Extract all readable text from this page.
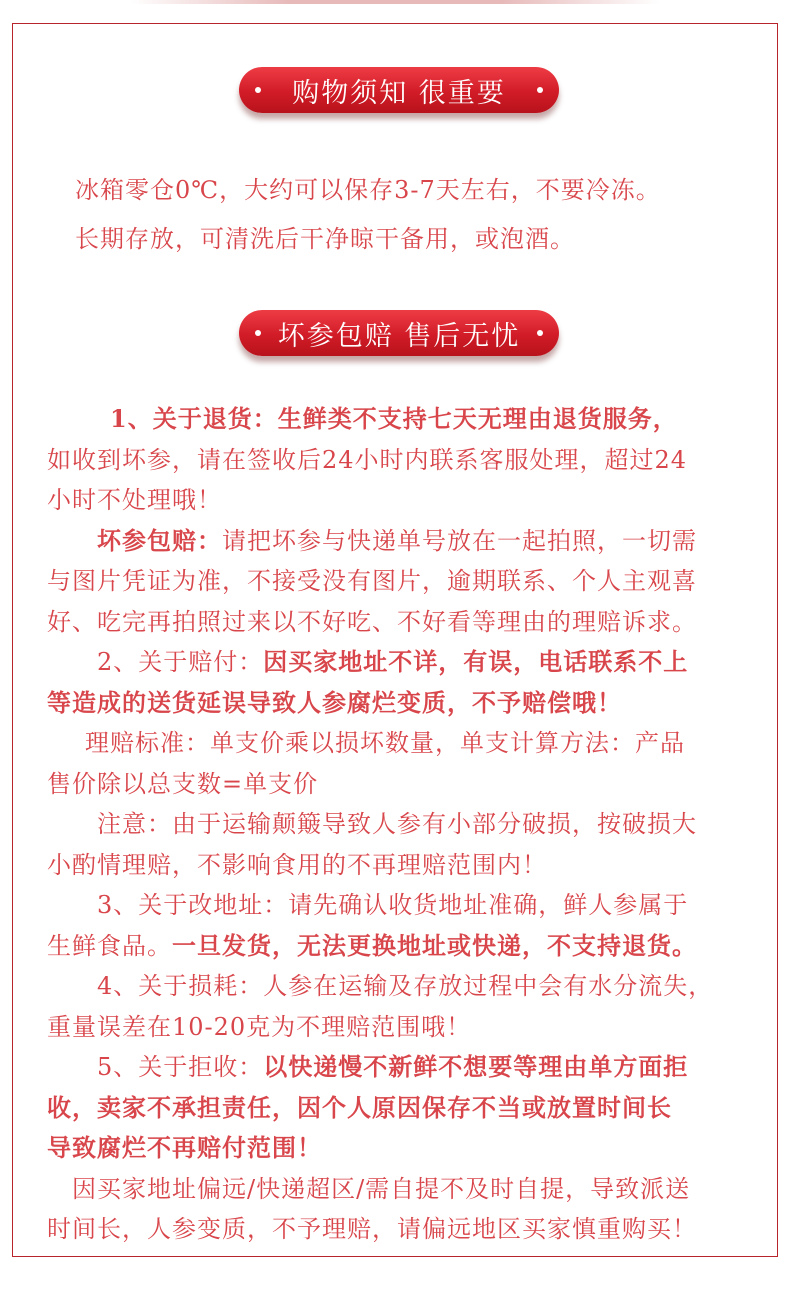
购物须知 很重要
冰箱零仓0℃，大约可以保存3-7天左右，不要冷冻。
长期存放，可清洗后干净晾干备用，或泡酒。
坏参包赔 售后无忧
1、关于退货：生鲜类不支持七天无理由退货服务，
如收到坏参，请在签收后24小时内联系客服处理，超过24
小时不处理哦！
坏参包赔：请把坏参与快递单号放在一起拍照，一切需
与图片凭证为准，不接受没有图片，逾期联系、个人主观喜
好、吃完再拍照过来以不好吃、不好看等理由的理赔诉求。
2、关于赔付：因买家地址不详，有误，电话联系不上
等造成的送货延误导致人参腐烂变质，不予赔偿哦！
理赔标准：单支价乘以损坏数量，单支计算方法：产品
售价除以总支数=单支价
注意：由于运输颠簸导致人参有小部分破损，按破损大
小酌情理赔，不影响食用的不再理赔范围内！
3、关于改地址：请先确认收货地址准确，鲜人参属于
生鲜食品。一旦发货，无法更换地址或快递，不支持退货。
4、关于损耗：人参在运输及存放过程中会有水分流失，
重量误差在10-20克为不理赔范围哦！
5、关于拒收：以快递慢不新鲜不想要等理由单方面拒
收，卖家不承担责任，因个人原因保存不当或放置时间长
导致腐烂不再赔付范围！
因买家地址偏远/快递超区/需自提不及时自提，导致派送
时间长，人参变质，不予理赔，请偏远地区买家慎重购买！
